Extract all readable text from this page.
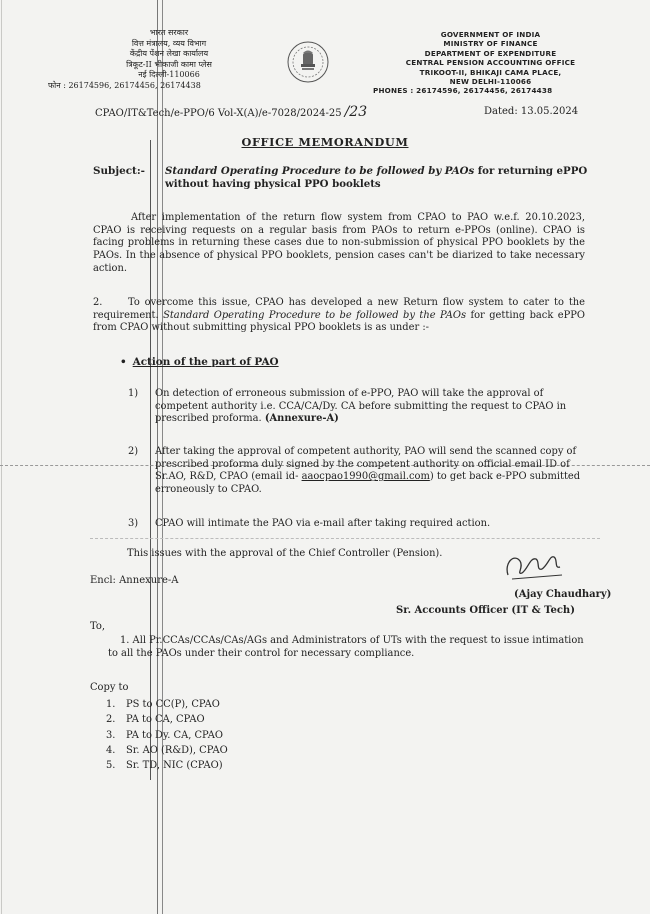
भारत सरकार
वित्त मंत्रालय, व्यय विभाग
केंद्रीय पेंशन लेखा कार्यालय
त्रिकूट-II भीकाजी कामा प्लेस
नई दिल्ली-110066
फोन : 26174596, 26174456, 26174438
GOVERNMENT OF INDIA
MINISTRY OF FINANCE
DEPARTMENT OF EXPENDITURE
CENTRAL PENSION ACCOUNTING OFFICE
TRIKOOT-II, BHIKAJI CAMA PLACE,
NEW DELHI-110066
PHONES : 26174596, 26174456, 26174438
CPAO/IT&Tech/e-PPO/6 Vol-X(A)/e-7028/2024-25 /23	Dated: 13.05.2024
OFFICE MEMORANDUM
Subject:- Standard Operating Procedure to be followed by PAOs for returning ePPO without having physical PPO booklets
After implementation of the return flow system from CPAO to PAO w.e.f. 20.10.2023, CPAO is receiving requests on a regular basis from PAOs to return e-PPOs (online). CPAO is facing problems in returning these cases due to non-submission of physical PPO booklets by the PAOs. In the absence of physical PPO booklets, pension cases can't be diarized to take necessary action.
2.	To overcome this issue, CPAO has developed a new Return flow system to cater to the requirement. Standard Operating Procedure to be followed by the PAOs for getting back ePPO from CPAO without submitting physical PPO booklets is as under :-
• Action of the part of PAO
1) On detection of erroneous submission of e-PPO, PAO will take the approval of competent authority i.e. CCA/CA/Dy. CA before submitting the request to CPAO in prescribed proforma. (Annexure-A)
2) After taking the approval of competent authority, PAO will send the scanned copy of prescribed proforma duly signed by the competent authority on official email ID of Sr.AO, R&D, CPAO (email id- aaocpao1990@gmail.com) to get back e-PPO submitted erroneously to CPAO.
3) CPAO will intimate the PAO via e-mail after taking required action.
This issues with the approval of the Chief Controller (Pension).
Encl: Annexure-A
(Ajay Chaudhary)
Sr. Accounts Officer (IT & Tech)
To,
1. All Pr.CCAs/CCAs/CAs/AGs and Administrators of UTs with the request to issue intimation to all the PAOs under their control for necessary compliance.
Copy to
1. PS to CC(P), CPAO
2. PA to CA, CPAO
3. PA to Dy. CA, CPAO
4. Sr. AO (R&D), CPAO
5. Sr. TD, NIC (CPAO)
